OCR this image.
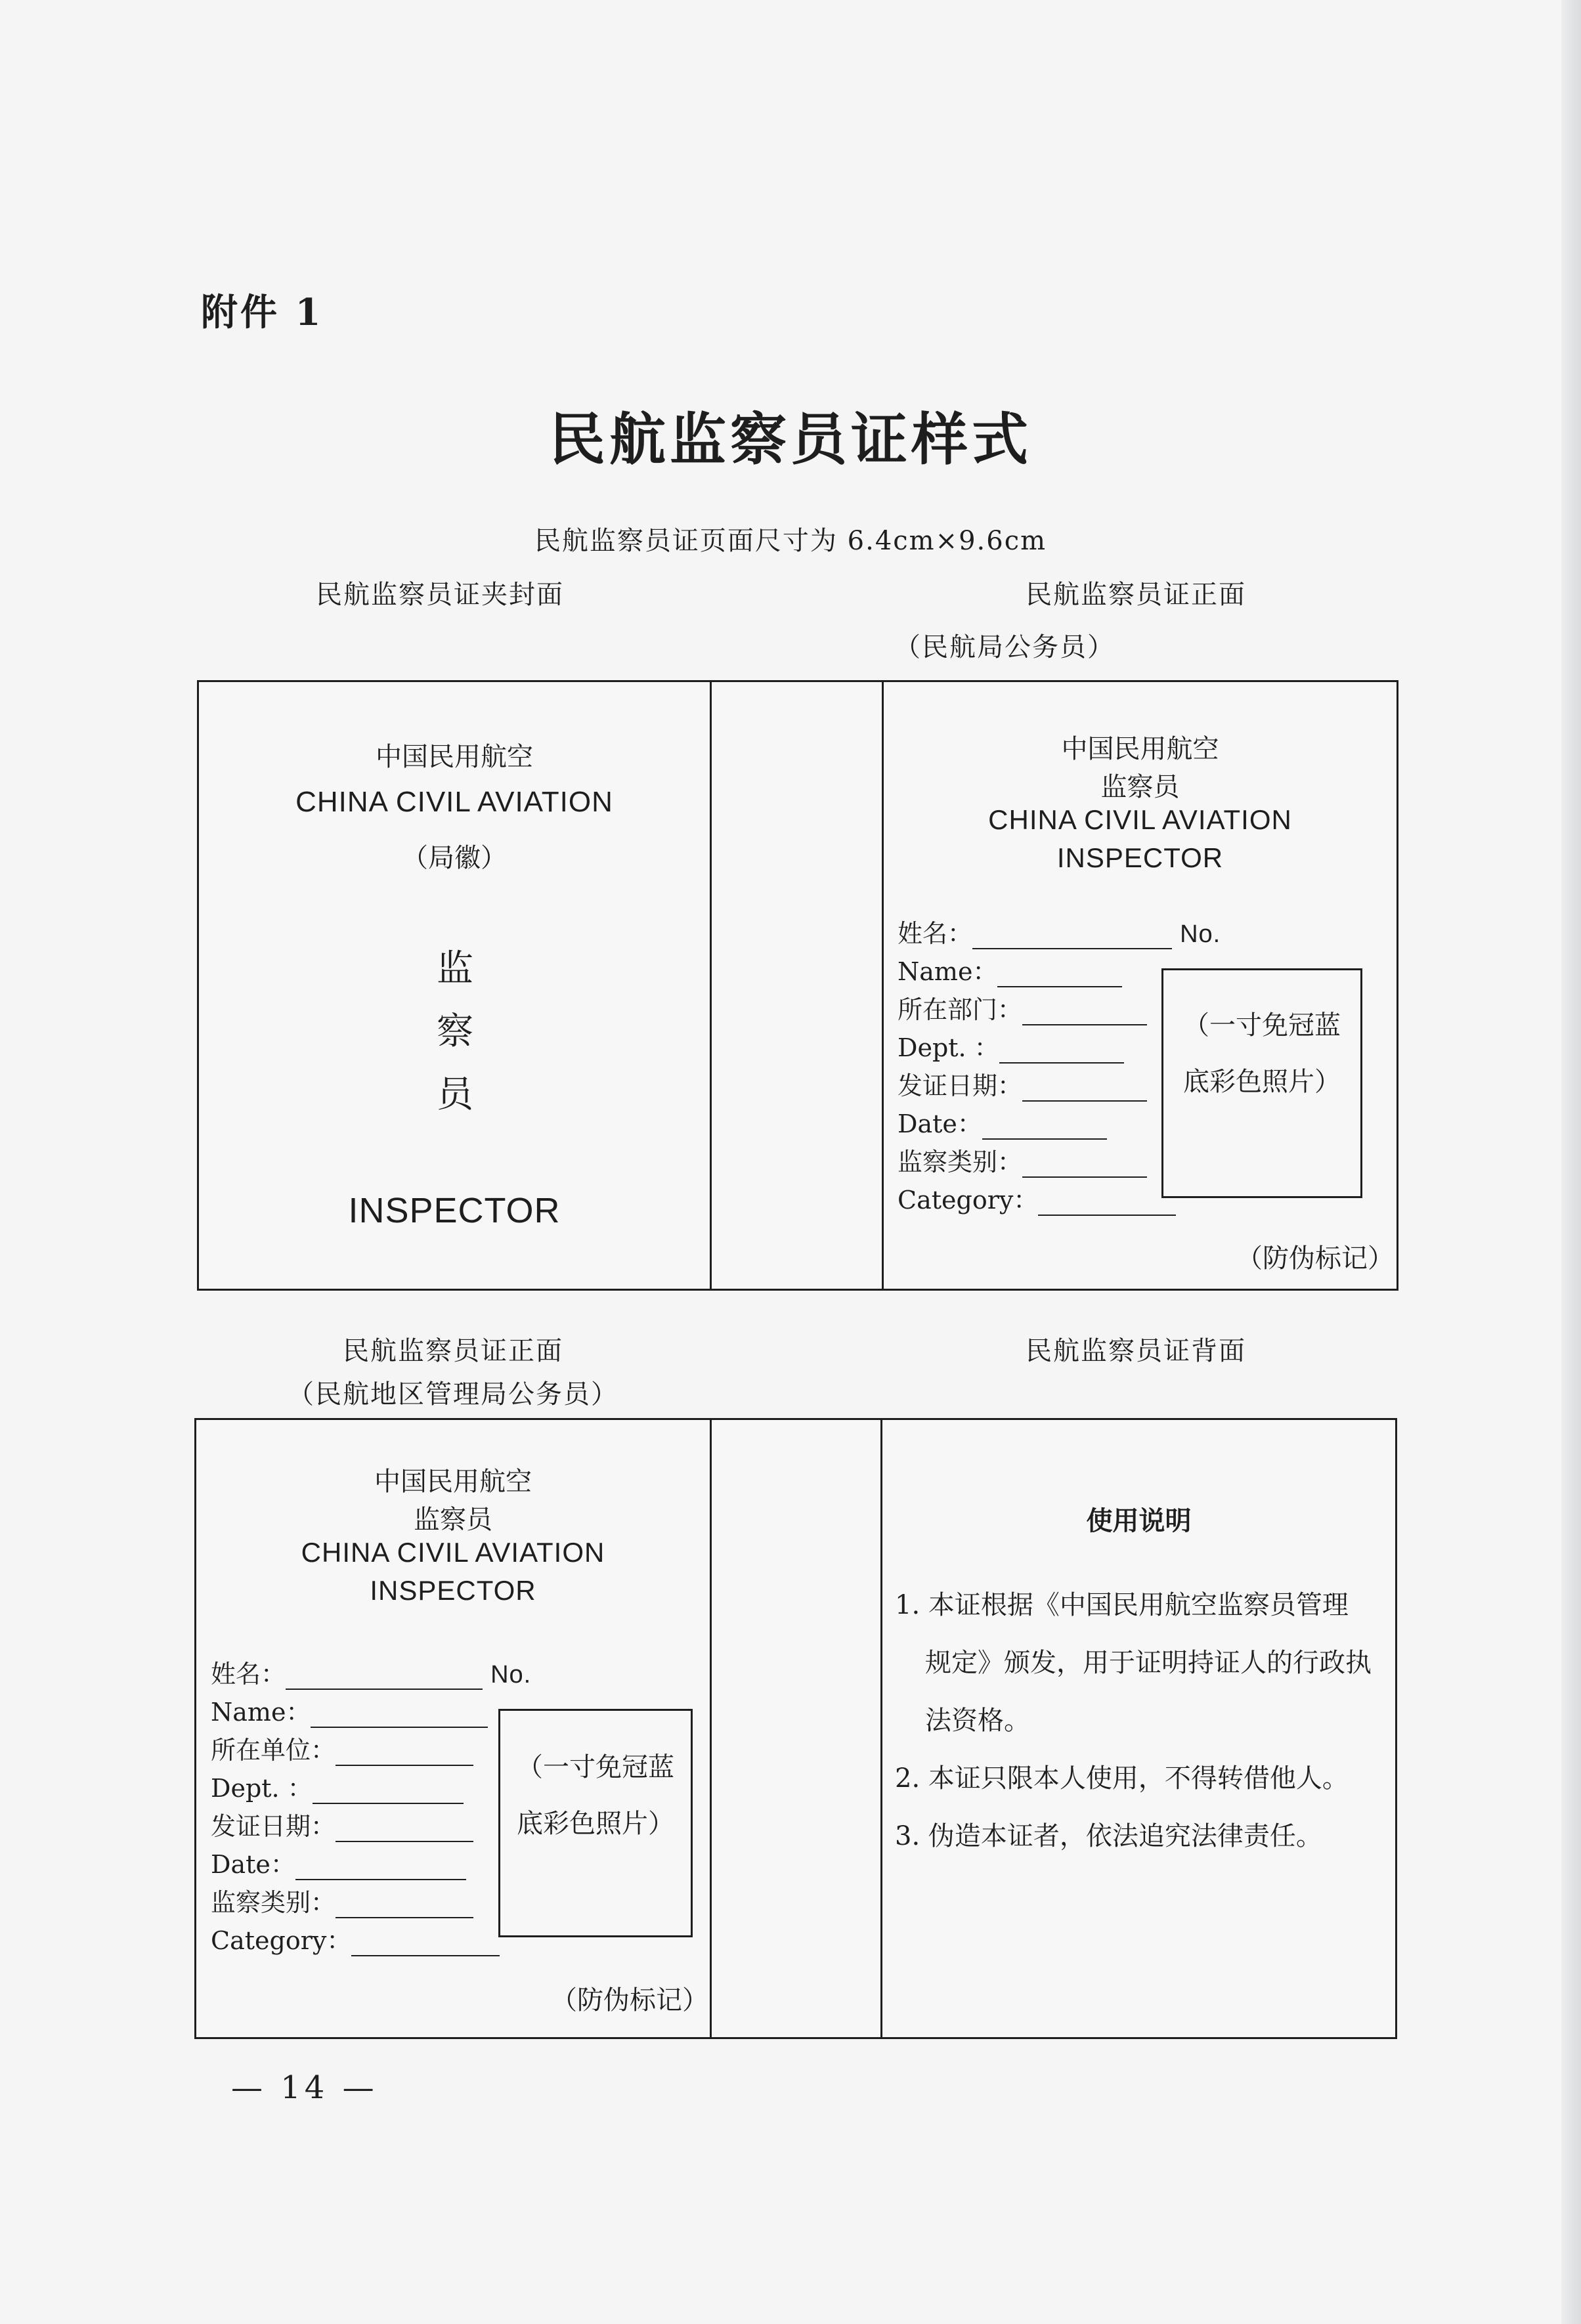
附件 1
民航监察员证样式
民航监察员证页面尺寸为 6.4cm×9.6cm
民航监察员证夹封面	民航监察员证正面
（民航局公务员）
中国民用航空
CHINA CIVIL AVIATION
（局徽）
监
察
员
INSPECTOR
中国民用航空
监察员
CHINA CIVIL AVIATION
INSPECTOR
姓名：	No.
Name：
所在部门：
Dept. ：
发证日期：
Date：
监察类别：
Category：
（一寸免冠蓝
底彩色照片）
（防伪标记）
民航监察员证正面
（民航地区管理局公务员）
民航监察员证背面
中国民用航空
监察员
CHINA CIVIL AVIATION
INSPECTOR
姓名：	No.
Name：
所在单位：
Dept. ：
发证日期：
Date：
监察类别：
Category：
（一寸免冠蓝
底彩色照片）
（防伪标记）
使用说明
1. 本证根据《中国民用航空监察员管理
规定》颁发，用于证明持证人的行政执
法资格。
2. 本证只限本人使用，不得转借他人。
3. 伪造本证者，依法追究法律责任。
— 14 —
